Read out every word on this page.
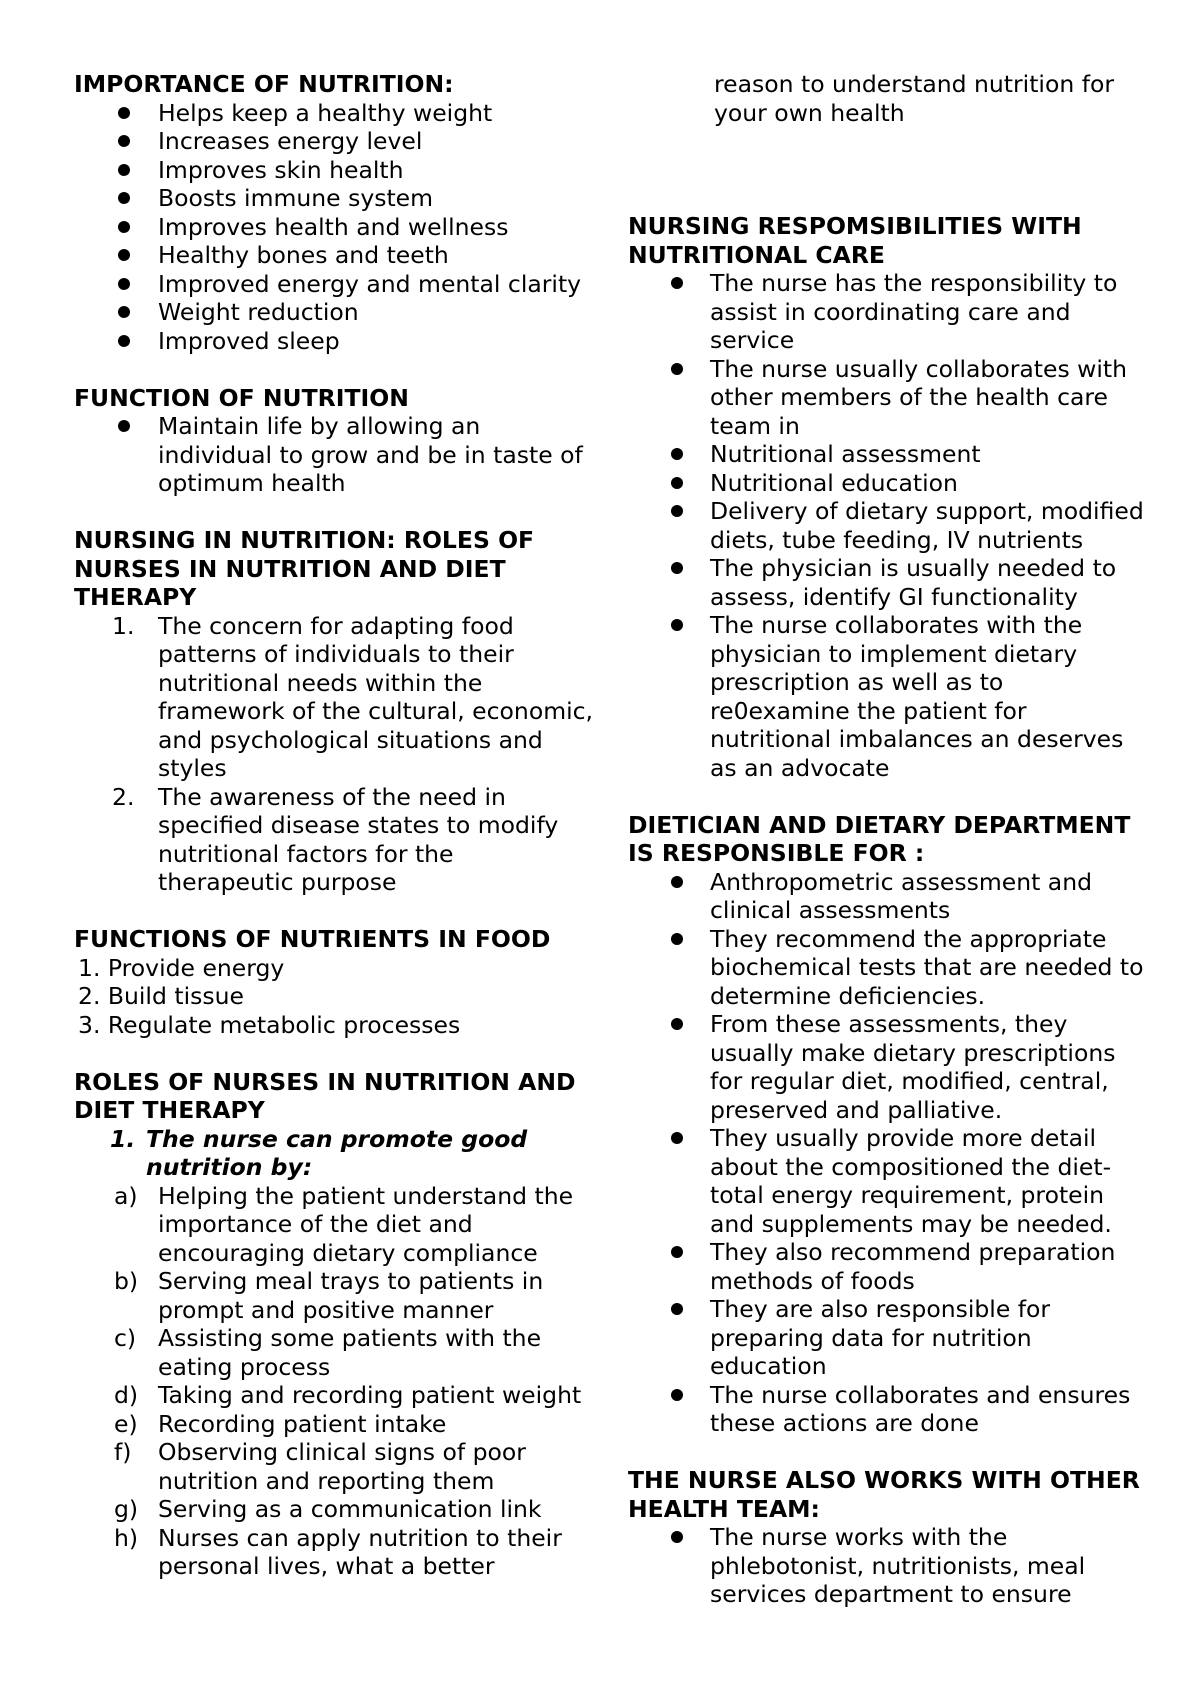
IMPORTANCE OF NUTRITION:
Helps keep a healthy weight
Increases energy level
Improves skin health
Boosts immune system
Improves health and wellness
Healthy bones and teeth
Improved energy and mental clarity
Weight reduction
Improved sleep
FUNCTION OF NUTRITION
Maintain life by allowing an individual to grow and be in taste of optimum health
NURSING IN NUTRITION: ROLES OF NURSES IN NUTRITION AND DIET THERAPY
1. The concern for adapting food patterns of individuals to their nutritional needs within the framework of the cultural, economic, and psychological situations and styles
2. The awareness of the need in specified disease states to modify nutritional factors for the therapeutic purpose
FUNCTIONS OF NUTRIENTS IN FOOD
1. Provide energy
2. Build tissue
3. Regulate metabolic processes
ROLES OF NURSES IN NUTRITION AND DIET THERAPY
1. The nurse can promote good nutrition by:
a) Helping the patient understand the importance of the diet and encouraging dietary compliance
b) Serving meal trays to patients in prompt and positive manner
c) Assisting some patients with the eating process
d) Taking and recording patient weight
e) Recording patient intake
f) Observing clinical signs of poor nutrition and reporting them
g) Serving as a communication link
h) Nurses can apply nutrition to their personal lives, what a better
reason to understand nutrition for your own health
NURSING RESPOMSIBILITIES WITH NUTRITIONAL CARE
The nurse has the responsibility to assist in coordinating care and service
The nurse usually collaborates with other members of the health care team in
Nutritional assessment
Nutritional education
Delivery of dietary support, modified diets, tube feeding, IV nutrients
The physician is usually needed to assess, identify GI functionality
The nurse collaborates with the physician to implement dietary prescription as well as to re0examine the patient for nutritional imbalances an deserves as an advocate
DIETICIAN AND DIETARY DEPARTMENT IS RESPONSIBLE FOR :
Anthropometric assessment and clinical assessments
They recommend the appropriate biochemical tests that are needed to determine deficiencies.
From these assessments, they usually make dietary prescriptions for regular diet, modified, central, preserved and palliative.
They usually provide more detail about the compositioned the diet-total energy requirement, protein and supplements may be needed.
They also recommend preparation methods of foods
They are also responsible for preparing data for nutrition education
The nurse collaborates and ensures these actions are done
THE NURSE ALSO WORKS WITH OTHER HEALTH TEAM:
The nurse works with the phlebotonist, nutritionists, meal services department to ensure
